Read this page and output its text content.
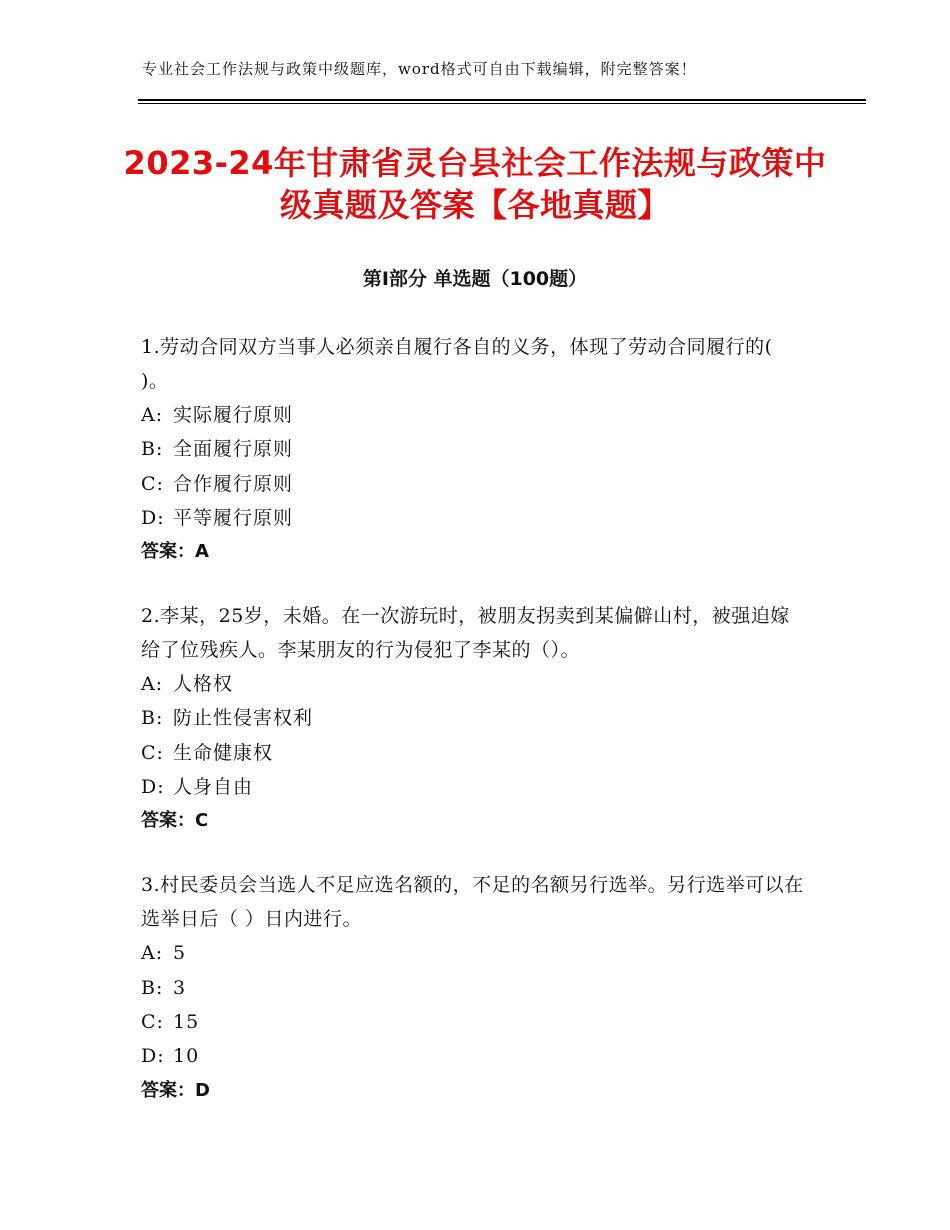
专业社会工作法规与政策中级题库，word格式可自由下载编辑，附完整答案！
2023-24年甘肃省灵台县社会工作法规与政策中级真题及答案【各地真题】
第Ⅰ部分 单选题（100题）

1.劳动合同双方当事人必须亲自履行各自的义务，体现了劳动合同履行的( )。

A: 实际履行原则

B: 全面履行原则

C: 合作履行原则

D: 平等履行原则

答案：A

2.李某，25岁，未婚。在一次游玩时，被朋友拐卖到某偏僻山村，被强迫嫁给了位残疾人。李某朋友的行为侵犯了李某的（）。

A: 人格权

B: 防止性侵害权利

C: 生命健康权

D: 人身自由

答案：C

3.村民委员会当选人不足应选名额的，不足的名额另行选举。另行选举可以在选举日后（ ）日内进行。

A: 5

B: 3

C: 15

D: 10

答案：D
